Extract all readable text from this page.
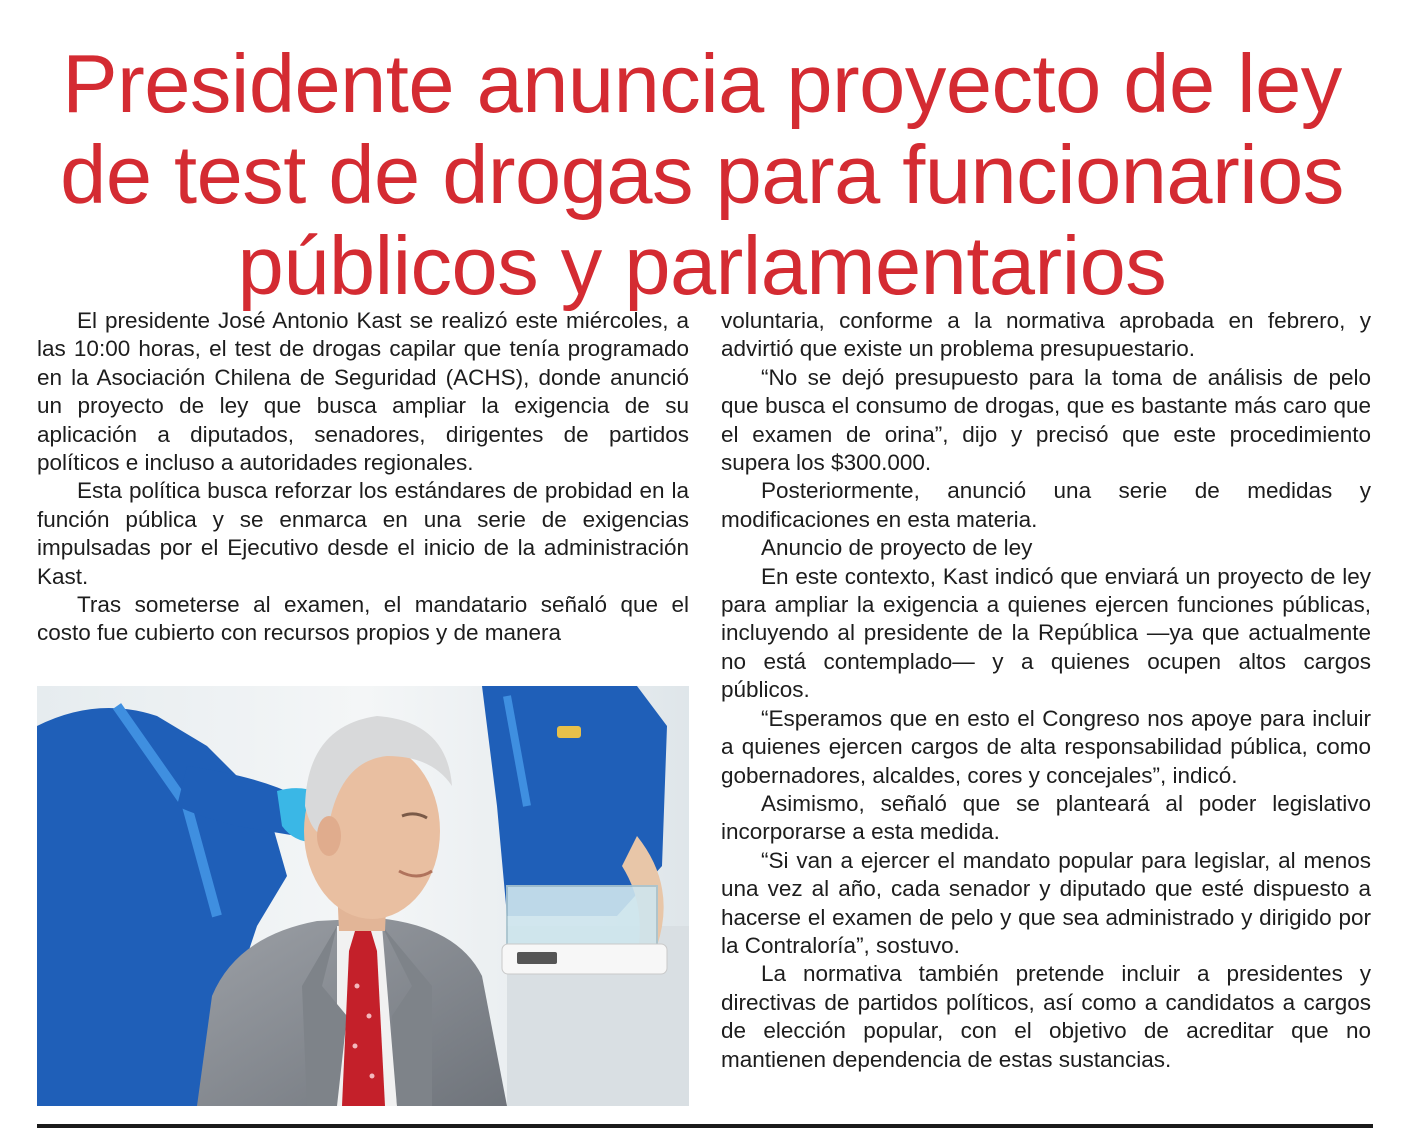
Presidente anuncia proyecto de ley
de test de drogas para funcionarios
públicos y parlamentarios

El presidente José Antonio Kast se realizó este miércoles, a las 10:00 horas, el test de drogas capilar que tenía programado en la Asociación Chilena de Seguridad (ACHS), donde anunció un proyecto de ley que busca ampliar la exigencia de su aplicación a diputados, senadores, dirigentes de partidos políticos e incluso a autoridades regionales.

Esta política busca reforzar los estándares de probidad en la función pública y se enmarca en una serie de exigencias impulsadas por el Ejecutivo desde el inicio de la administración Kast.

Tras someterse al examen, el mandatario señaló que el costo fue cubierto con recursos propios y de manera

voluntaria, conforme a la normativa aprobada en febrero, y advirtió que existe un problema presupuestario.

“No se dejó presupuesto para la toma de análisis de pelo que busca el consumo de drogas, que es bastante más caro que el examen de orina”, dijo y precisó que este procedimiento supera los $300.000.

Posteriormente, anunció una serie de medidas y modificaciones en esta materia.

Anuncio de proyecto de ley

En este contexto, Kast indicó que enviará un proyecto de ley para ampliar la exigencia a quienes ejercen funciones públicas, incluyendo al presidente de la República —ya que actualmente no está contemplado— y a quienes ocupen altos cargos públicos.

“Esperamos que en esto el Congreso nos apoye para incluir a quienes ejercen cargos de alta responsabilidad pública, como gobernadores, alcaldes, cores y concejales”, indicó.

Asimismo, señaló que se planteará al poder legislativo incorporarse a esta medida.

“Si van a ejercer el mandato popular para legislar, al menos una vez al año, cada senador y diputado que esté dispuesto a hacerse el examen de pelo y que sea administrado y dirigido por la Contraloría”, sostuvo.

La normativa también pretende incluir a presidentes y directivas de partidos políticos, así como a candidatos a cargos de elección popular, con el objetivo de acreditar que no mantienen dependencia de estas sustancias.
